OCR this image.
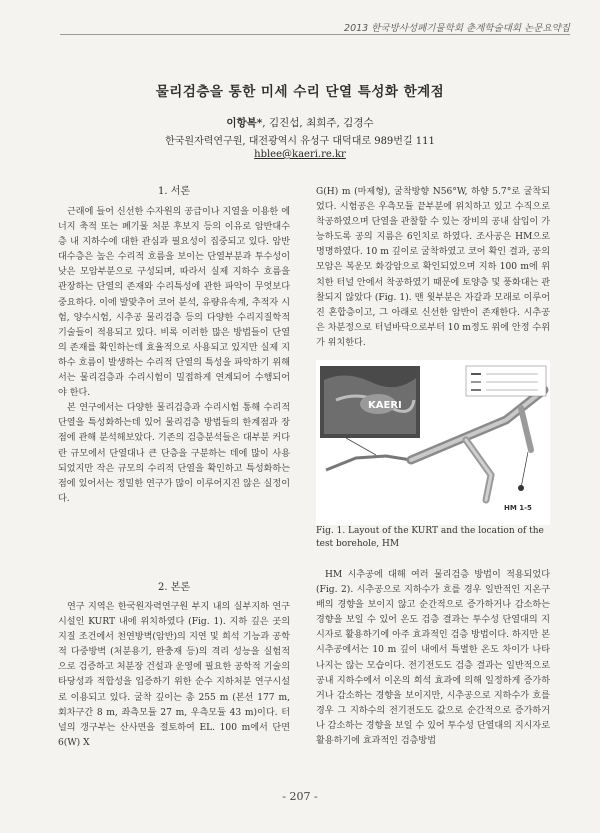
2013 한국방사성폐기물학회 춘계학술대회 논문요약집
물리검층을 통한 미세 수리 단열 특성화 한계점
이항복*, 김진섭, 최희주, 김경수
한국원자력연구원, 대전광역시 유성구 대덕대로 989번길 111
hblee@kaeri.re.kr
1. 서론

근래에 들어 신선한 수자원의 공급이나 지열을 이용한 에너지 축적 또는 폐기물 처분 후보지 등의 이유로 암반대수층 내 지하수에 대한 관심과 필요성이 집중되고 있다. 암반대수층은 높은 수리적 흐름을 보이는 단열부분과 투수성이 낮은 모암부분으로 구성되며, 따라서 실제 지하수 흐름을 관장하는 단열의 존재와 수리특성에 관한 파악이 무엇보다 중요하다. 이에 발맞추어 코어 분석, 유량유속계, 추적자 시험, 양수시험, 시추공 물리검층 등의 다양한 수리지질학적 기술들이 적용되고 있다. 비록 이러한 많은 방법들이 단열의 존재를 확인하는데 효율적으로 사용되고 있지만 실제 지하수 흐름이 발생하는 수리적 단열의 특성을 파악하기 위해서는 물리검층과 수리시험이 밀접하게 연계되어 수행되어야 한다.

본 연구에서는 다양한 물리검층과 수리시험 통해 수리적 단열을 특성화하는데 있어 물리검층 방법들의 한계점과 장점에 관해 분석해보았다. 기존의 검층분석들은 대부분 커다란 규모에서 단열대나 큰 단층을 구분하는 데에 많이 사용되었지만 작은 규모의 수리적 단열을 확인하고 특성화하는 점에 있어서는 정밀한 연구가 많이 이루어지진 않은 실정이다.

2. 본론

연구 지역은 한국원자력연구원 부지 내의 실부지하 연구시설인 KURT 내에 위치하였다 (Fig. 1). 지하 깊은 곳의 지질 조건에서 천연방벽(암반)의 지연 및 희석 기능과 공학적 다중방벽 (처분용기, 완충재 등)의 격리 성능을 실험적으로 검증하고 처분장 건설과 운영에 필요한 공학적 기술의 타당성과 적합성을 입증하기 위한 순수 지하처분 연구시설로 이용되고 있다. 굴착 깊이는 총 255 m (본선 177 m, 회차구간 8 m, 좌측모듈 27 m, 우측모듈 43 m)이다. 터널의 갱구부는 산사면을 절토하여 EL. 100 m에서 단면 6(W) X

G(H) m (마제형), 굴착방향 N56°W, 하향 5.7°로 굴착되었다. 시험공은 우측모듈 끝부분에 위치하고 있고 수직으로 착공하였으며 단열을 관찰할 수 있는 장비의 공내 삽입이 가능하도록 공의 지름은 6인치로 하였다. 조사공은 HM으로 명명하였다. 10 m 깊이로 굴착하였고 코어 확인 결과, 공의 모암은 복운모 화강암으로 확인되었으며 지하 100 m에 위치한 터널 안에서 착공하였기 때문에 토양층 및 풍화대는 관찰되지 않았다 (Fig. 1). 맨 윗부분은 자갈과 모래로 이루어진 혼합층이고, 그 아래로 신선한 암반이 존재한다. 시추공은 차분정으로 터널바닥으로부터 10 m정도 위에 안정 수위가 위치한다.

KAERI
HM 1-5
Fig. 1. Layout of the KURT and the location of the test borehole, HM

HM 시추공에 대해 여러 물리검층 방법이 적용되었다 (Fig. 2). 시추공으로 지하수가 흐를 경우 일반적인 지온구배의 경향을 보이지 않고 순간적으로 증가하거나 감소하는 경향을 보일 수 있어 온도 검층 결과는 투수성 단열대의 지시자로 활용하기에 아주 효과적인 검층 방법이다. 하지만 본 시추공에서는 10 m 깊이 내에서 특별한 온도 차이가 나타나지는 않는 모습이다. 전기전도도 검층 결과는 일반적으로 공내 지하수에서 이온의 희석 효과에 의해 일정하게 증가하거나 감소하는 경향을 보이지만, 시추공으로 지하수가 흐를 경우 그 지하수의 전기전도도 값으로 순간적으로 증가하거나 감소하는 경향을 보일 수 있어 투수성 단열대의 지시자로 활용하기에 효과적인 검층방법

- 207 -
